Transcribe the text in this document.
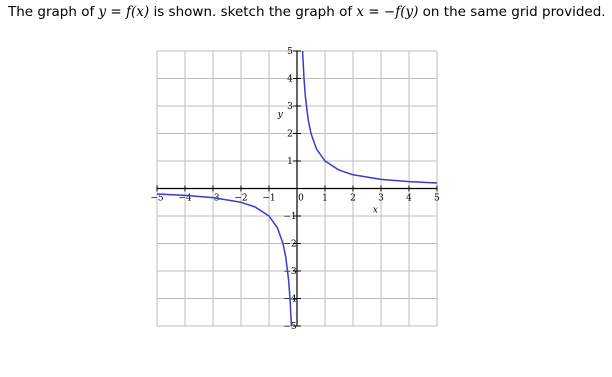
The graph of y = f(x) is shown. sketch the graph of x = −f(y) on the same grid provided.
−5 −4 −3 −2 −1 0 1 2 3 4 5
5
4
3
2
1
−1
−2
−3
−4
−5
x
y
